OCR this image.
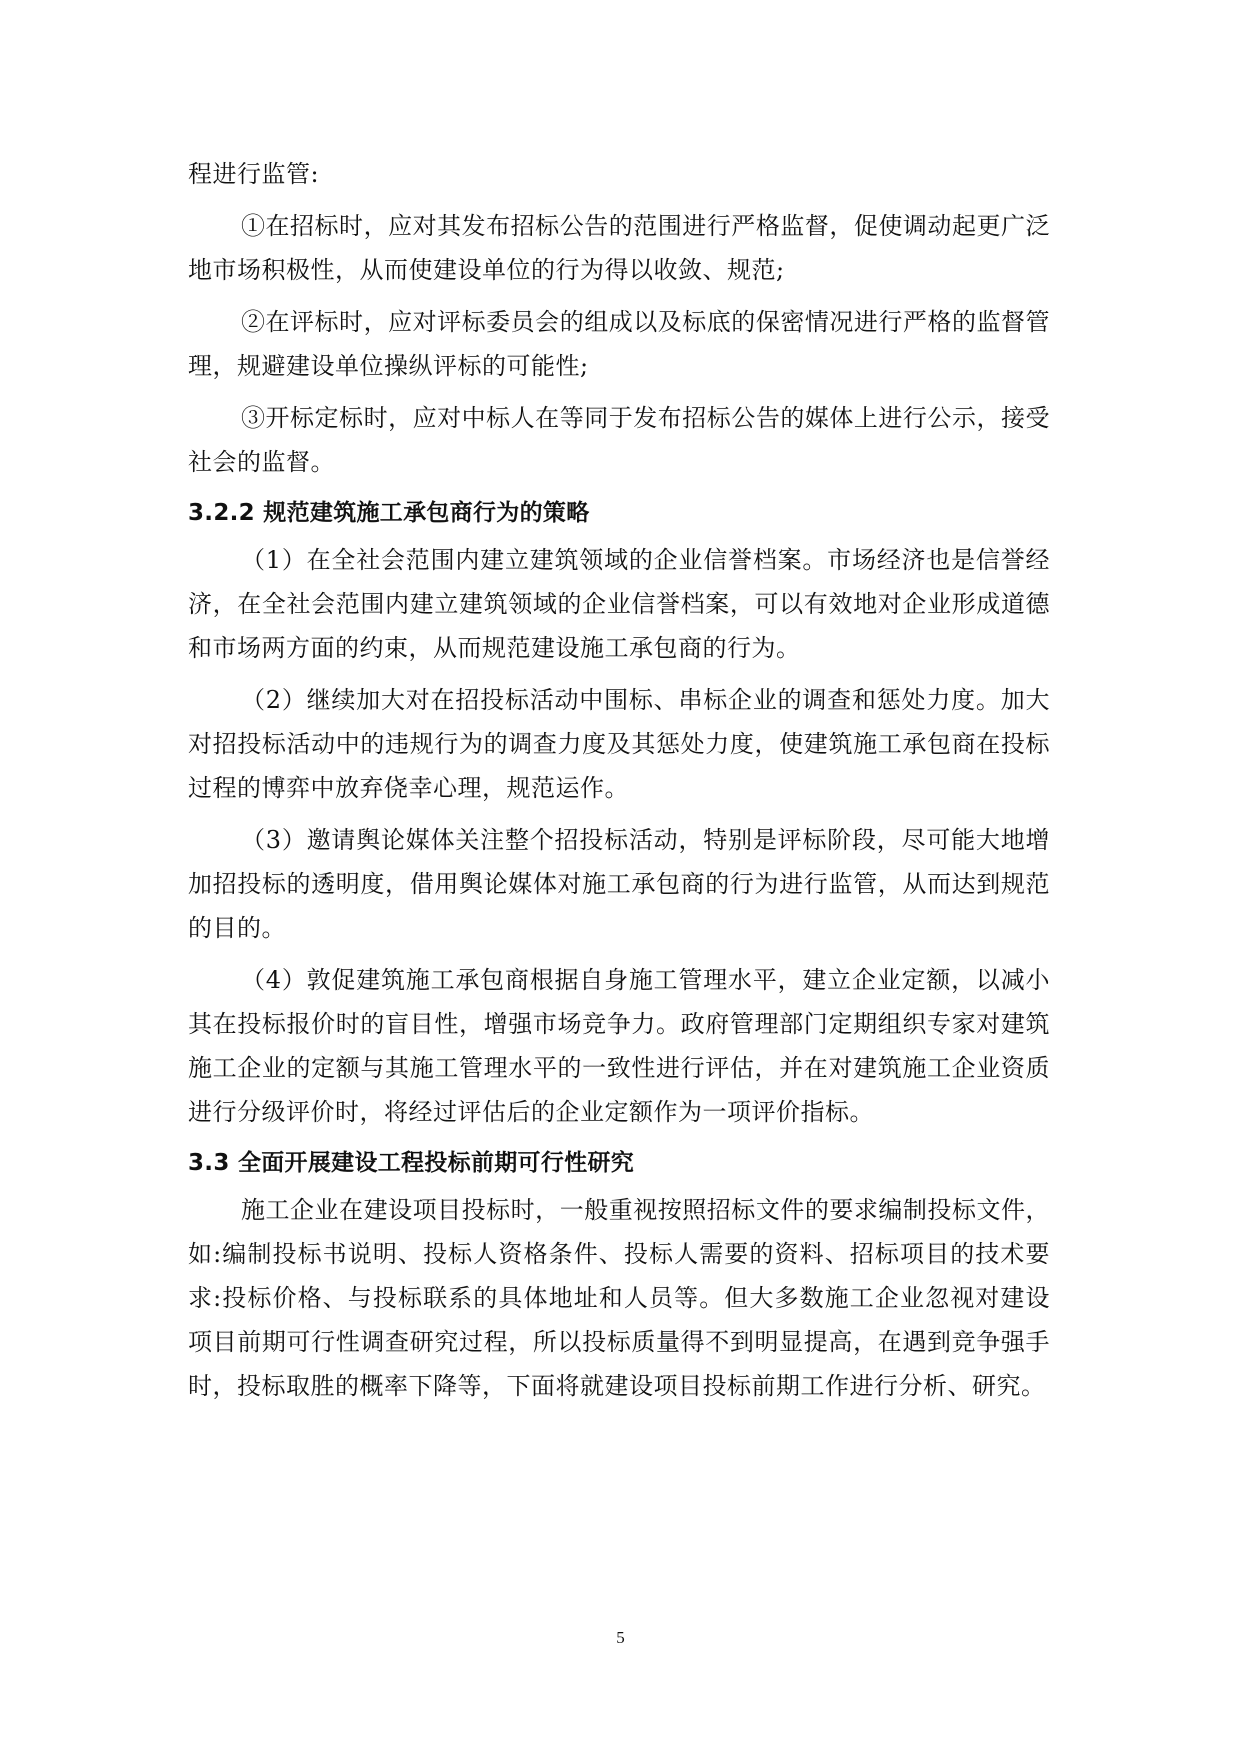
程进行监管:

①在招标时，应对其发布招标公告的范围进行严格监督，促使调动起更广泛地市场积极性，从而使建设单位的行为得以收敛、规范;

②在评标时，应对评标委员会的组成以及标底的保密情况进行严格的监督管理，规避建设单位操纵评标的可能性;

③开标定标时，应对中标人在等同于发布招标公告的媒体上进行公示，接受社会的监督。

3.2.2 规范建筑施工承包商行为的策略

（1）在全社会范围内建立建筑领域的企业信誉档案。市场经济也是信誉经济，在全社会范围内建立建筑领域的企业信誉档案，可以有效地对企业形成道德和市场两方面的约束，从而规范建设施工承包商的行为。

（2）继续加大对在招投标活动中围标、串标企业的调查和惩处力度。加大对招投标活动中的违规行为的调查力度及其惩处力度，使建筑施工承包商在投标过程的博弈中放弃侥幸心理，规范运作。

（3）邀请舆论媒体关注整个招投标活动，特别是评标阶段，尽可能大地增加招投标的透明度，借用舆论媒体对施工承包商的行为进行监管，从而达到规范的目的。

（4）敦促建筑施工承包商根据自身施工管理水平，建立企业定额，以减小其在投标报价时的盲目性，增强市场竞争力。政府管理部门定期组织专家对建筑施工企业的定额与其施工管理水平的一致性进行评估，并在对建筑施工企业资质进行分级评价时，将经过评估后的企业定额作为一项评价指标。

3.3 全面开展建设工程投标前期可行性研究

施工企业在建设项目投标时，一般重视按照招标文件的要求编制投标文件，如:编制投标书说明、投标人资格条件、投标人需要的资料、招标项目的技术要求:投标价格、与投标联系的具体地址和人员等。但大多数施工企业忽视对建设项目前期可行性调查研究过程，所以投标质量得不到明显提高，在遇到竞争强手时，投标取胜的概率下降等，下面将就建设项目投标前期工作进行分析、研究。

5
